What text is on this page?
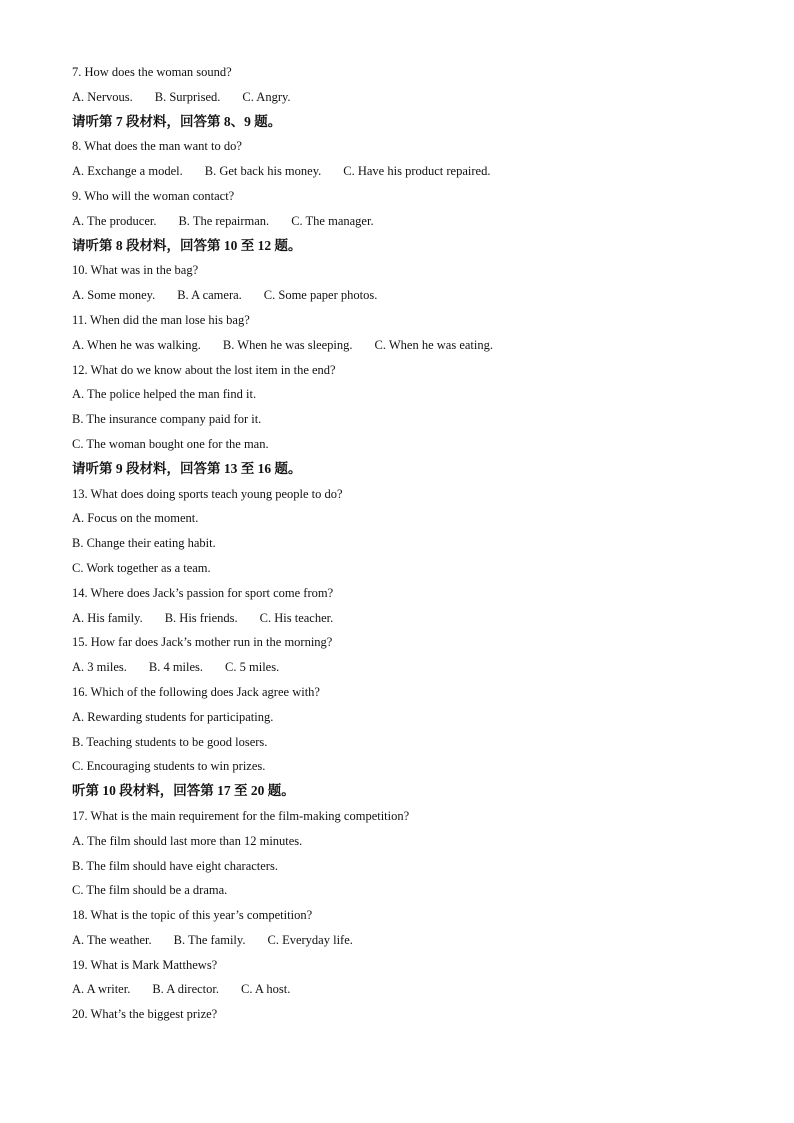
7. How does the woman sound?
A. Nervous. B. Surprised. C. Angry.
请听第 7 段材料，回答第 8、9 题。
8. What does the man want to do?
A. Exchange a model. B. Get back his money. C. Have his product repaired.
9. Who will the woman contact?
A. The producer. B. The repairman. C. The manager.
请听第 8 段材料，回答第 10 至 12 题。
10. What was in the bag?
A. Some money. B. A camera. C. Some paper photos.
11. When did the man lose his bag?
A. When he was walking. B. When he was sleeping. C. When he was eating.
12. What do we know about the lost item in the end?
A. The police helped the man find it.
B. The insurance company paid for it.
C. The woman bought one for the man.
请听第 9 段材料，回答第 13 至 16 题。
13. What does doing sports teach young people to do?
A. Focus on the moment.
B. Change their eating habit.
C. Work together as a team.
14. Where does Jack’s passion for sport come from?
A. His family. B. His friends. C. His teacher.
15. How far does Jack’s mother run in the morning?
A. 3 miles. B. 4 miles. C. 5 miles.
16. Which of the following does Jack agree with?
A. Rewarding students for participating.
B. Teaching students to be good losers.
C. Encouraging students to win prizes.
听第 10 段材料，回答第 17 至 20 题。
17. What is the main requirement for the film-making competition?
A. The film should last more than 12 minutes.
B. The film should have eight characters.
C. The film should be a drama.
18. What is the topic of this year’s competition?
A. The weather. B. The family. C. Everyday life.
19. What is Mark Matthews?
A. A writer. B. A director. C. A host.
20. What’s the biggest prize?
